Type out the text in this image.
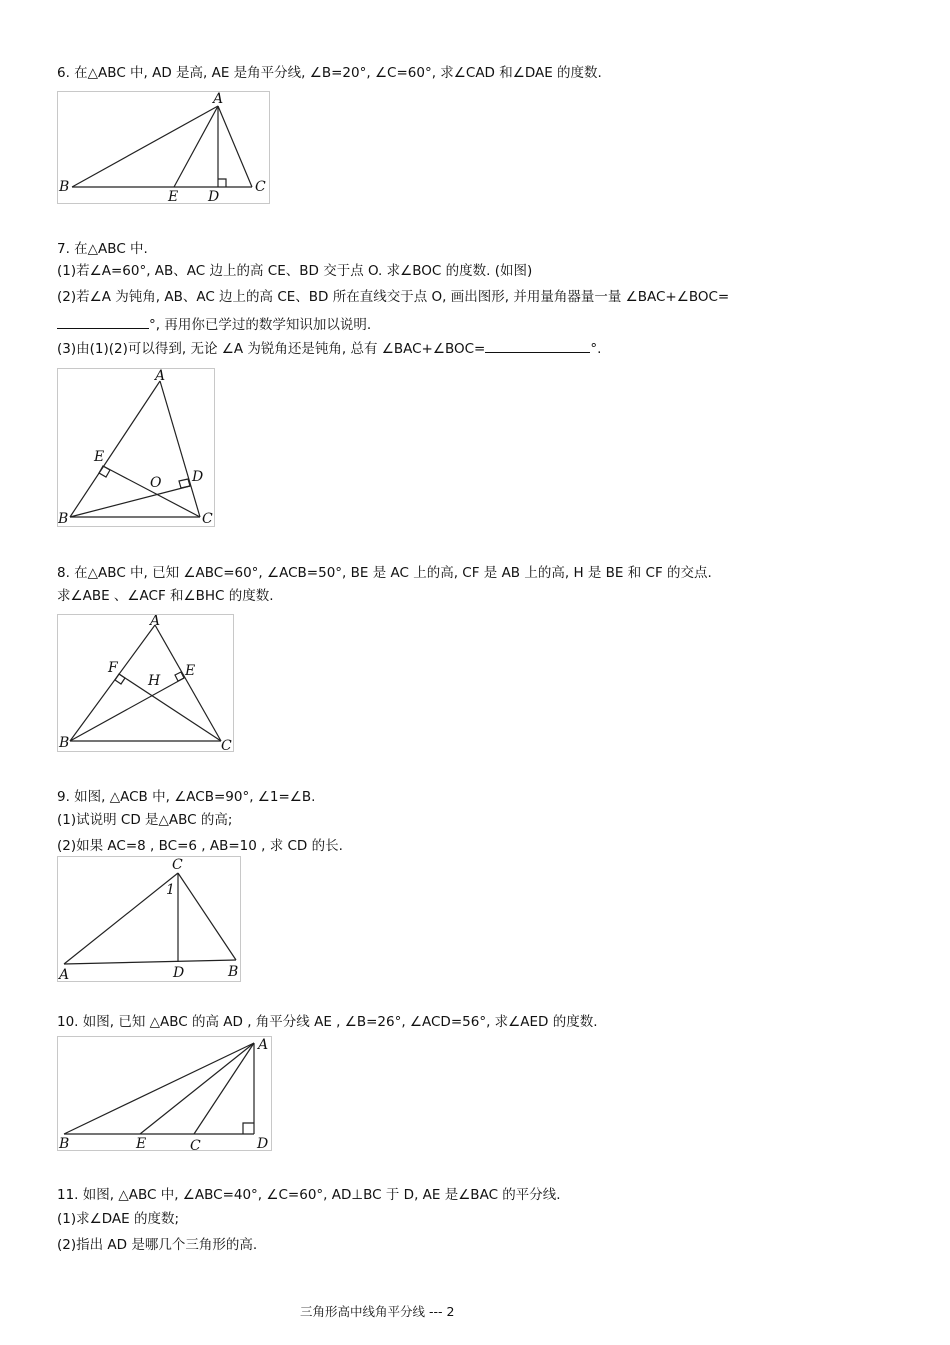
6. 在△ABC 中, AD 是高, AE 是角平分线, ∠B=20°, ∠C=60°, 求∠CAD 和∠DAE 的度数.
A
B
E D
C
7. 在△ABC 中.
(1)若∠A=60°, AB、AC 边上的高 CE、BD 交于点 O. 求∠BOC 的度数. (如图)
(2)若∠A 为钝角, AB、AC 边上的高 CE、BD 所在直线交于点 O, 画出图形, 并用量角器量一量 ∠BAC+∠BOC=
°, 再用你已学过的数学知识加以说明.
(3)由(1)(2)可以得到, 无论 ∠A 为锐角还是钝角, 总有 ∠BAC+∠BOC=	°.
A
E
O D
B	C
8. 在△ABC 中, 已知 ∠ABC=60°, ∠ACB=50°, BE 是 AC 上的高, CF 是 AB 上的高, H 是 BE 和 CF 的交点.
求∠ABE 、∠ACF 和∠BHC 的度数.
A
F
H
E
B	C
9. 如图, △ACB 中, ∠ACB=90°, ∠1=∠B.
(1)试说明 CD 是△ABC 的高;
(2)如果 AC=8 , BC=6 , AB=10 , 求 CD 的长.
C
1
A	D	B
10. 如图, 已知 △ABC 的高 AD , 角平分线 AE , ∠B=26°, ∠ACD=56°, 求∠AED 的度数.
A
B	E	C	D
11. 如图, △ABC 中, ∠ABC=40°, ∠C=60°, AD⊥BC 于 D, AE 是∠BAC 的平分线.
(1)求∠DAE 的度数;
(2)指出 AD 是哪几个三角形的高.
三角形高中线角平分线 --- 2
